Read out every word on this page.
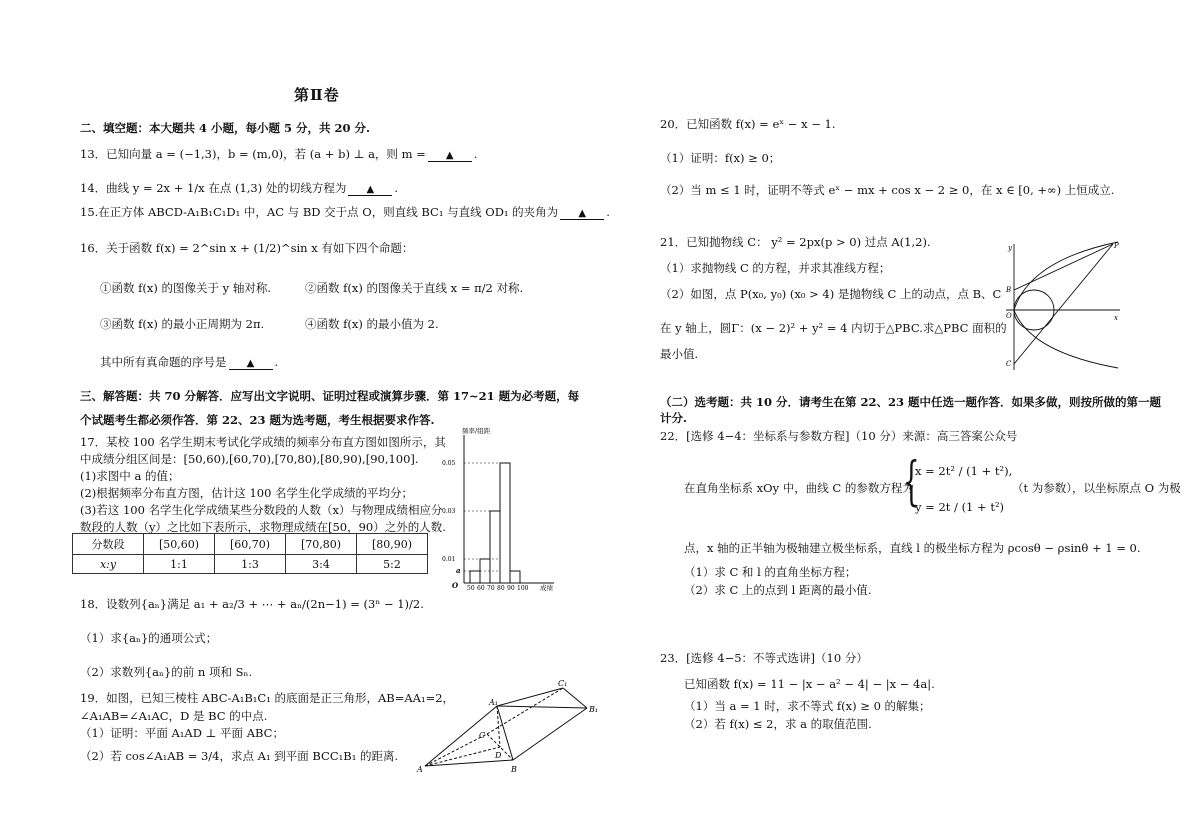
第Ⅱ卷
二、填空题：本大题共 4 小题，每小题 5 分，共 20 分.
13．已知向量 a = (−1,3)，b = (m,0)，若 (a + b) ⊥ a，则 m = ▲	.
14．曲线 y = 2x + 1/x 在点 (1,3) 处的切线方程为 ▲	.
15.在正方体 ABCD-A₁B₁C₁D₁ 中，AC 与 BD 交于点 O，则直线 BC₁ 与直线 OD₁ 的夹角为 ▲	.
16．关于函数 f(x) = 2^sin x + (1/2)^sin x 有如下四个命题：
①函数 f(x) 的图像关于 y 轴对称.	②函数 f(x) 的图像关于直线 x = π/2 对称.
③函数 f(x) 的最小正周期为 2π.	④函数 f(x) 的最小值为 2.
其中所有真命题的序号是 ▲	.
三、解答题：共 70 分解答．应写出文字说明、证明过程或演算步骤．第 17~21 题为必考题，每
个试题考生都必须作答．第 22、23 题为选考题，考生根据要求作答.
17．某校 100 名学生期末考试化学成绩的频率分布直方图如图所示，其
中成绩分组区间是：[50,60),[60,70),[70,80),[80,90),[90,100].
(1)求图中 a 的值；
(2)根据频率分布直方图，估计这 100 名学生化学成绩的平均分；
(3)若这 100 名学生化学成绩某些分数段的人数（x）与物理成绩相应分
数段的人数（y）之比如下表所示，求物理成绩在[50，90）之外的人数.
分数段	[50,60)	[60,70)	[70,80)	[80,90)
x:y	1:1	1:3	3:4	5:2
频率/组距
成绩
50 60 70 80 90 100
0.05
0.03
0.01
a
O
18．设数列{aₙ}满足 a₁ + a₂/3 + ⋯ + aₙ/(2n−1) = (3ⁿ − 1)/2.
（1）求{aₙ}的通项公式；
（2）求数列{aₙ}的前 n 项和 Sₙ.
19．如图，已知三棱柱 ABC-A₁B₁C₁ 的底面是正三角形，AB=AA₁=2，
∠A₁AB=∠A₁AC，D 是 BC 的中点.
（1）证明：平面 A₁AD ⊥ 平面 ABC；
（2）若 cos∠A₁AB = 3/4，求点 A₁ 到平面 BCC₁B₁ 的距离.
A	B
C
D
A₁
B₁
C₁
20．已知函数 f(x) = eˣ − x − 1.
（1）证明：f(x) ≥ 0；
（2）当 m ≤ 1 时，证明不等式 eˣ − mx + cos x − 2 ≥ 0，在 x ∈ [0, +∞) 上恒成立.
21．已知抛物线 C： y² = 2px(p > 0) 过点 A(1,2).
（1）求抛物线 C 的方程，并求其准线方程；
（2）如图，点 P(x₀, y₀) (x₀ > 4) 是抛物线 C 上的动点，点 B、C
在 y 轴上，圆Γ：(x − 2)² + y² = 4 内切于△PBC.求△PBC 面积的
最小值.
y
x
O
P
B
C
（二）选考题：共 10 分．请考生在第 22、23 题中任选一题作答．如果多做，则按所做的第一题
计分.
22．[选修 4−4：坐标系与参数方程]（10 分）来源：高三答案公众号
在直角坐标系 xOy 中，曲线 C 的参数方程为
{
x = 2t² / (1 + t²),
y = 2t / (1 + t²)
（t 为参数），以坐标原点 O 为极
点，x 轴的正半轴为极轴建立极坐标系，直线 l 的极坐标方程为 ρcosθ − ρsinθ + 1 = 0.
（1）求 C 和 l 的直角坐标方程；
（2）求 C 上的点到 l 距离的最小值.
23．[选修 4−5：不等式选讲]（10 分）
已知函数 f(x) = 11 − |x − a² − 4| − |x − 4a|.
（1）当 a = 1 时，求不等式 f(x) ≥ 0 的解集；
（2）若 f(x) ≤ 2，求 a 的取值范围.
